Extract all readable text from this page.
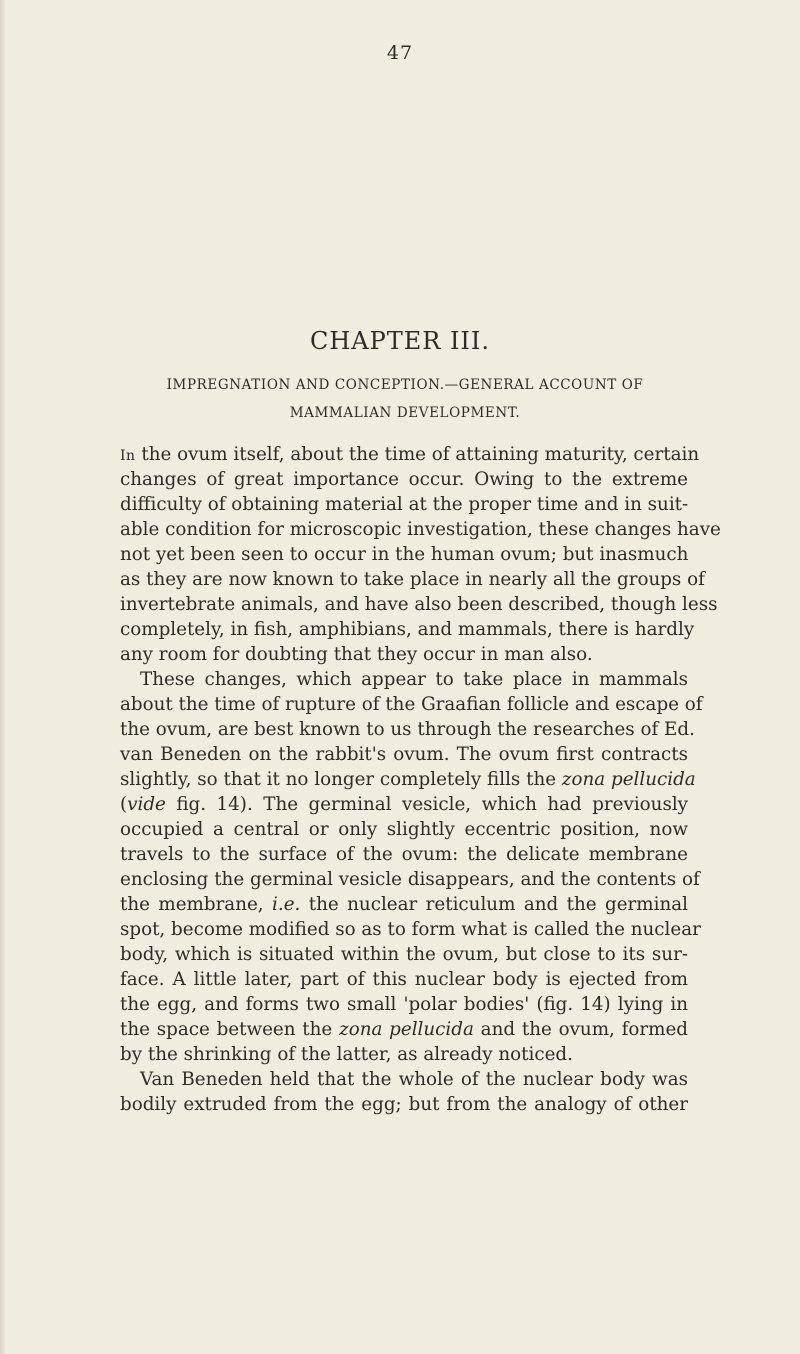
47
CHAPTER III.
IMPREGNATION AND CONCEPTION.—GENERAL ACCOUNT OF
MAMMALIAN DEVELOPMENT.
In the ovum itself, about the time of attaining maturity, certain
changes of great importance occur. Owing to the extreme
difficulty of obtaining material at the proper time and in suit-
able condition for microscopic investigation, these changes have
not yet been seen to occur in the human ovum; but inasmuch
as they are now known to take place in nearly all the groups of
invertebrate animals, and have also been described, though less
completely, in fish, amphibians, and mammals, there is hardly
any room for doubting that they occur in man also.
These changes, which appear to take place in mammals
about the time of rupture of the Graafian follicle and escape of
the ovum, are best known to us through the researches of Ed.
van Beneden on the rabbit's ovum. The ovum first contracts
slightly, so that it no longer completely fills the zona pellucida
(vide fig. 14). The germinal vesicle, which had previously
occupied a central or only slightly eccentric position, now
travels to the surface of the ovum: the delicate membrane
enclosing the germinal vesicle disappears, and the contents of
the membrane, i.e. the nuclear reticulum and the germinal
spot, become modified so as to form what is called the nuclear
body, which is situated within the ovum, but close to its sur-
face. A little later, part of this nuclear body is ejected from
the egg, and forms two small 'polar bodies' (fig. 14) lying in
the space between the zona pellucida and the ovum, formed
by the shrinking of the latter, as already noticed.
Van Beneden held that the whole of the nuclear body was
bodily extruded from the egg; but from the analogy of other
